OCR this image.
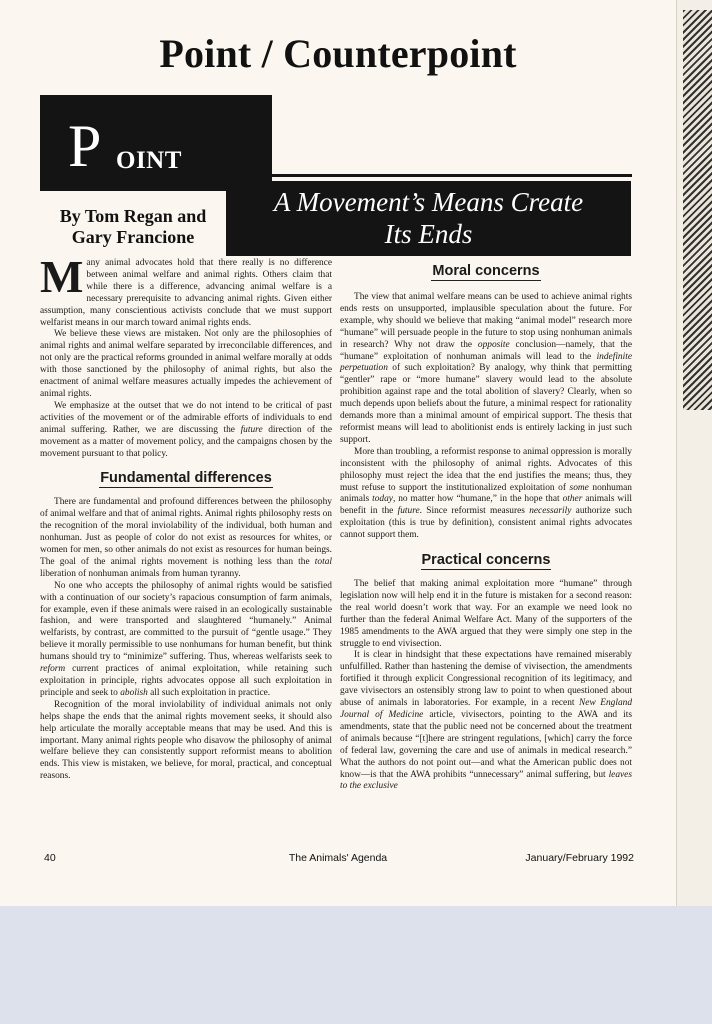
Point / Counterpoint
P OINT
A Movement’s Means Create
Its Ends
By Tom Regan and
Gary Francione

Many animal advocates hold that there really is no difference between animal welfare and animal rights. Others claim that while there is a difference, advancing animal welfare is a necessary prerequisite to advancing animal rights. Given either assumption, many conscientious activists conclude that we must support welfarist means in our march toward animal rights ends.

We believe these views are mistaken. Not only are the philosophies of animal rights and animal welfare separated by irreconcilable differences, and not only are the practical reforms grounded in animal welfare morally at odds with those sanctioned by the philosophy of animal rights, but also the enactment of animal welfare measures actually impedes the achievement of animal rights.

We emphasize at the outset that we do not intend to be critical of past activities of the movement or of the admirable efforts of individuals to end animal suffering. Rather, we are discussing the future direction of the movement as a matter of movement policy, and the campaigns chosen by the movement pursuant to that policy.

Fundamental differences

There are fundamental and profound differences between the philosophy of animal welfare and that of animal rights. Animal rights philosophy rests on the recognition of the moral inviolability of the individual, both human and nonhuman. Just as people of color do not exist as resources for whites, or women for men, so other animals do not exist as resources for human beings. The goal of the animal rights movement is nothing less than the total liberation of nonhuman animals from human tyranny.

No one who accepts the philosophy of animal rights would be satisfied with a continuation of our society’s rapacious consumption of farm animals, for example, even if these animals were raised in an ecologically sustainable fashion, and were transported and slaughtered “humanely.” Animal welfarists, by contrast, are committed to the pursuit of “gentle usage.” They believe it morally permissible to use nonhumans for human benefit, but think humans should try to “minimize” suffering. Thus, whereas welfarists seek to reform current practices of animal exploitation, while retaining such exploitation in principle, rights advocates oppose all such exploitation in principle and seek to abolish all such exploitation in practice.

Recognition of the moral inviolability of individual animals not only helps shape the ends that the animal rights movement seeks, it should also help articulate the morally acceptable means that may be used. And this is important. Many animal rights people who disavow the philosophy of animal welfare believe they can consistently support reformist means to abolition ends. This view is mistaken, we believe, for moral, practical, and conceptual reasons.

Moral concerns

The view that animal welfare means can be used to achieve animal rights ends rests on unsupported, implausible speculation about the future. For example, why should we believe that making “animal model” research more “humane” will persuade people in the future to stop using nonhuman animals in research? Why not draw the opposite conclusion—namely, that the “humane” exploitation of nonhuman animals will lead to the indefinite perpetuation of such exploitation? By analogy, why think that permitting “gentler” rape or “more humane” slavery would lead to the absolute prohibition against rape and the total abolition of slavery? Clearly, when so much depends upon beliefs about the future, a minimal respect for rationality demands more than a minimal amount of empirical support. The thesis that reformist means will lead to abolitionist ends is entirely lacking in just such support.

More than troubling, a reformist response to animal oppression is morally inconsistent with the philosophy of animal rights. Advocates of this philosophy must reject the idea that the end justifies the means; thus, they must refuse to support the institutionalized exploitation of some nonhuman animals today, no matter how “humane,” in the hope that other animals will benefit in the future. Since reformist measures necessarily authorize such exploitation (this is true by definition), consistent animal rights advocates cannot support them.

Practical concerns

The belief that making animal exploitation more “humane” through legislation now will help end it in the future is mistaken for a second reason: the real world doesn’t work that way. For an example we need look no further than the federal Animal Welfare Act. Many of the supporters of the 1985 amendments to the AWA argued that they were simply one step in the struggle to end vivisection.

It is clear in hindsight that these expectations have remained miserably unfulfilled. Rather than hastening the demise of vivisection, the amendments fortified it through explicit Congressional recognition of its legitimacy, and gave vivisectors an ostensibly strong law to point to when questioned about abuse of animals in laboratories. For example, in a recent New England Journal of Medicine article, vivisectors, pointing to the AWA and its amendments, state that the public need not be concerned about the treatment of animals because “[t]here are stringent regulations, [which] carry the force of federal law, governing the care and use of animals in medical research.” What the authors do not point out—and what the American public does not know—is that the AWA prohibits “unnecessary” animal suffering, but leaves to the exclusive

40	The Animals' Agenda	January/February 1992
